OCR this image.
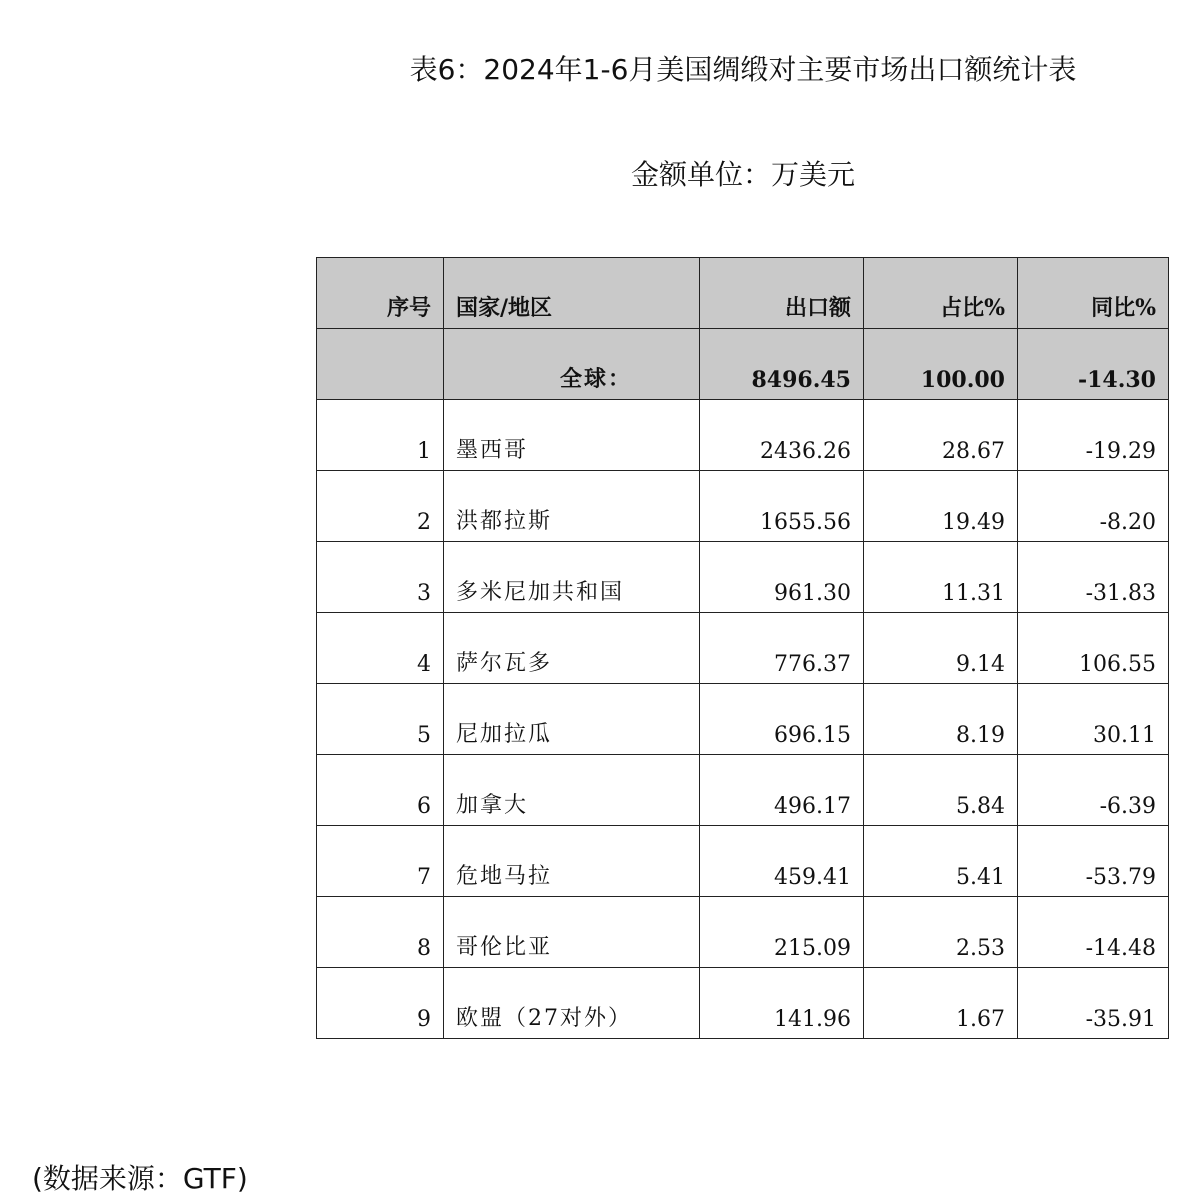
表6：2024年1-6月美国绸缎对主要市场出口额统计表
金额单位：万美元
序号	国家/地区	出口额	占比%	同比%
	全球：	8496.45	100.00	-14.30
1	墨西哥	2436.26	28.67	-19.29
2	洪都拉斯	1655.56	19.49	-8.20
3	多米尼加共和国	961.30	11.31	-31.83
4	萨尔瓦多	776.37	9.14	106.55
5	尼加拉瓜	696.15	8.19	30.11
6	加拿大	496.17	5.84	-6.39
7	危地马拉	459.41	5.41	-53.79
8	哥伦比亚	215.09	2.53	-14.48
9	欧盟（27对外）	141.96	1.67	-35.91
(数据来源：GTF)
